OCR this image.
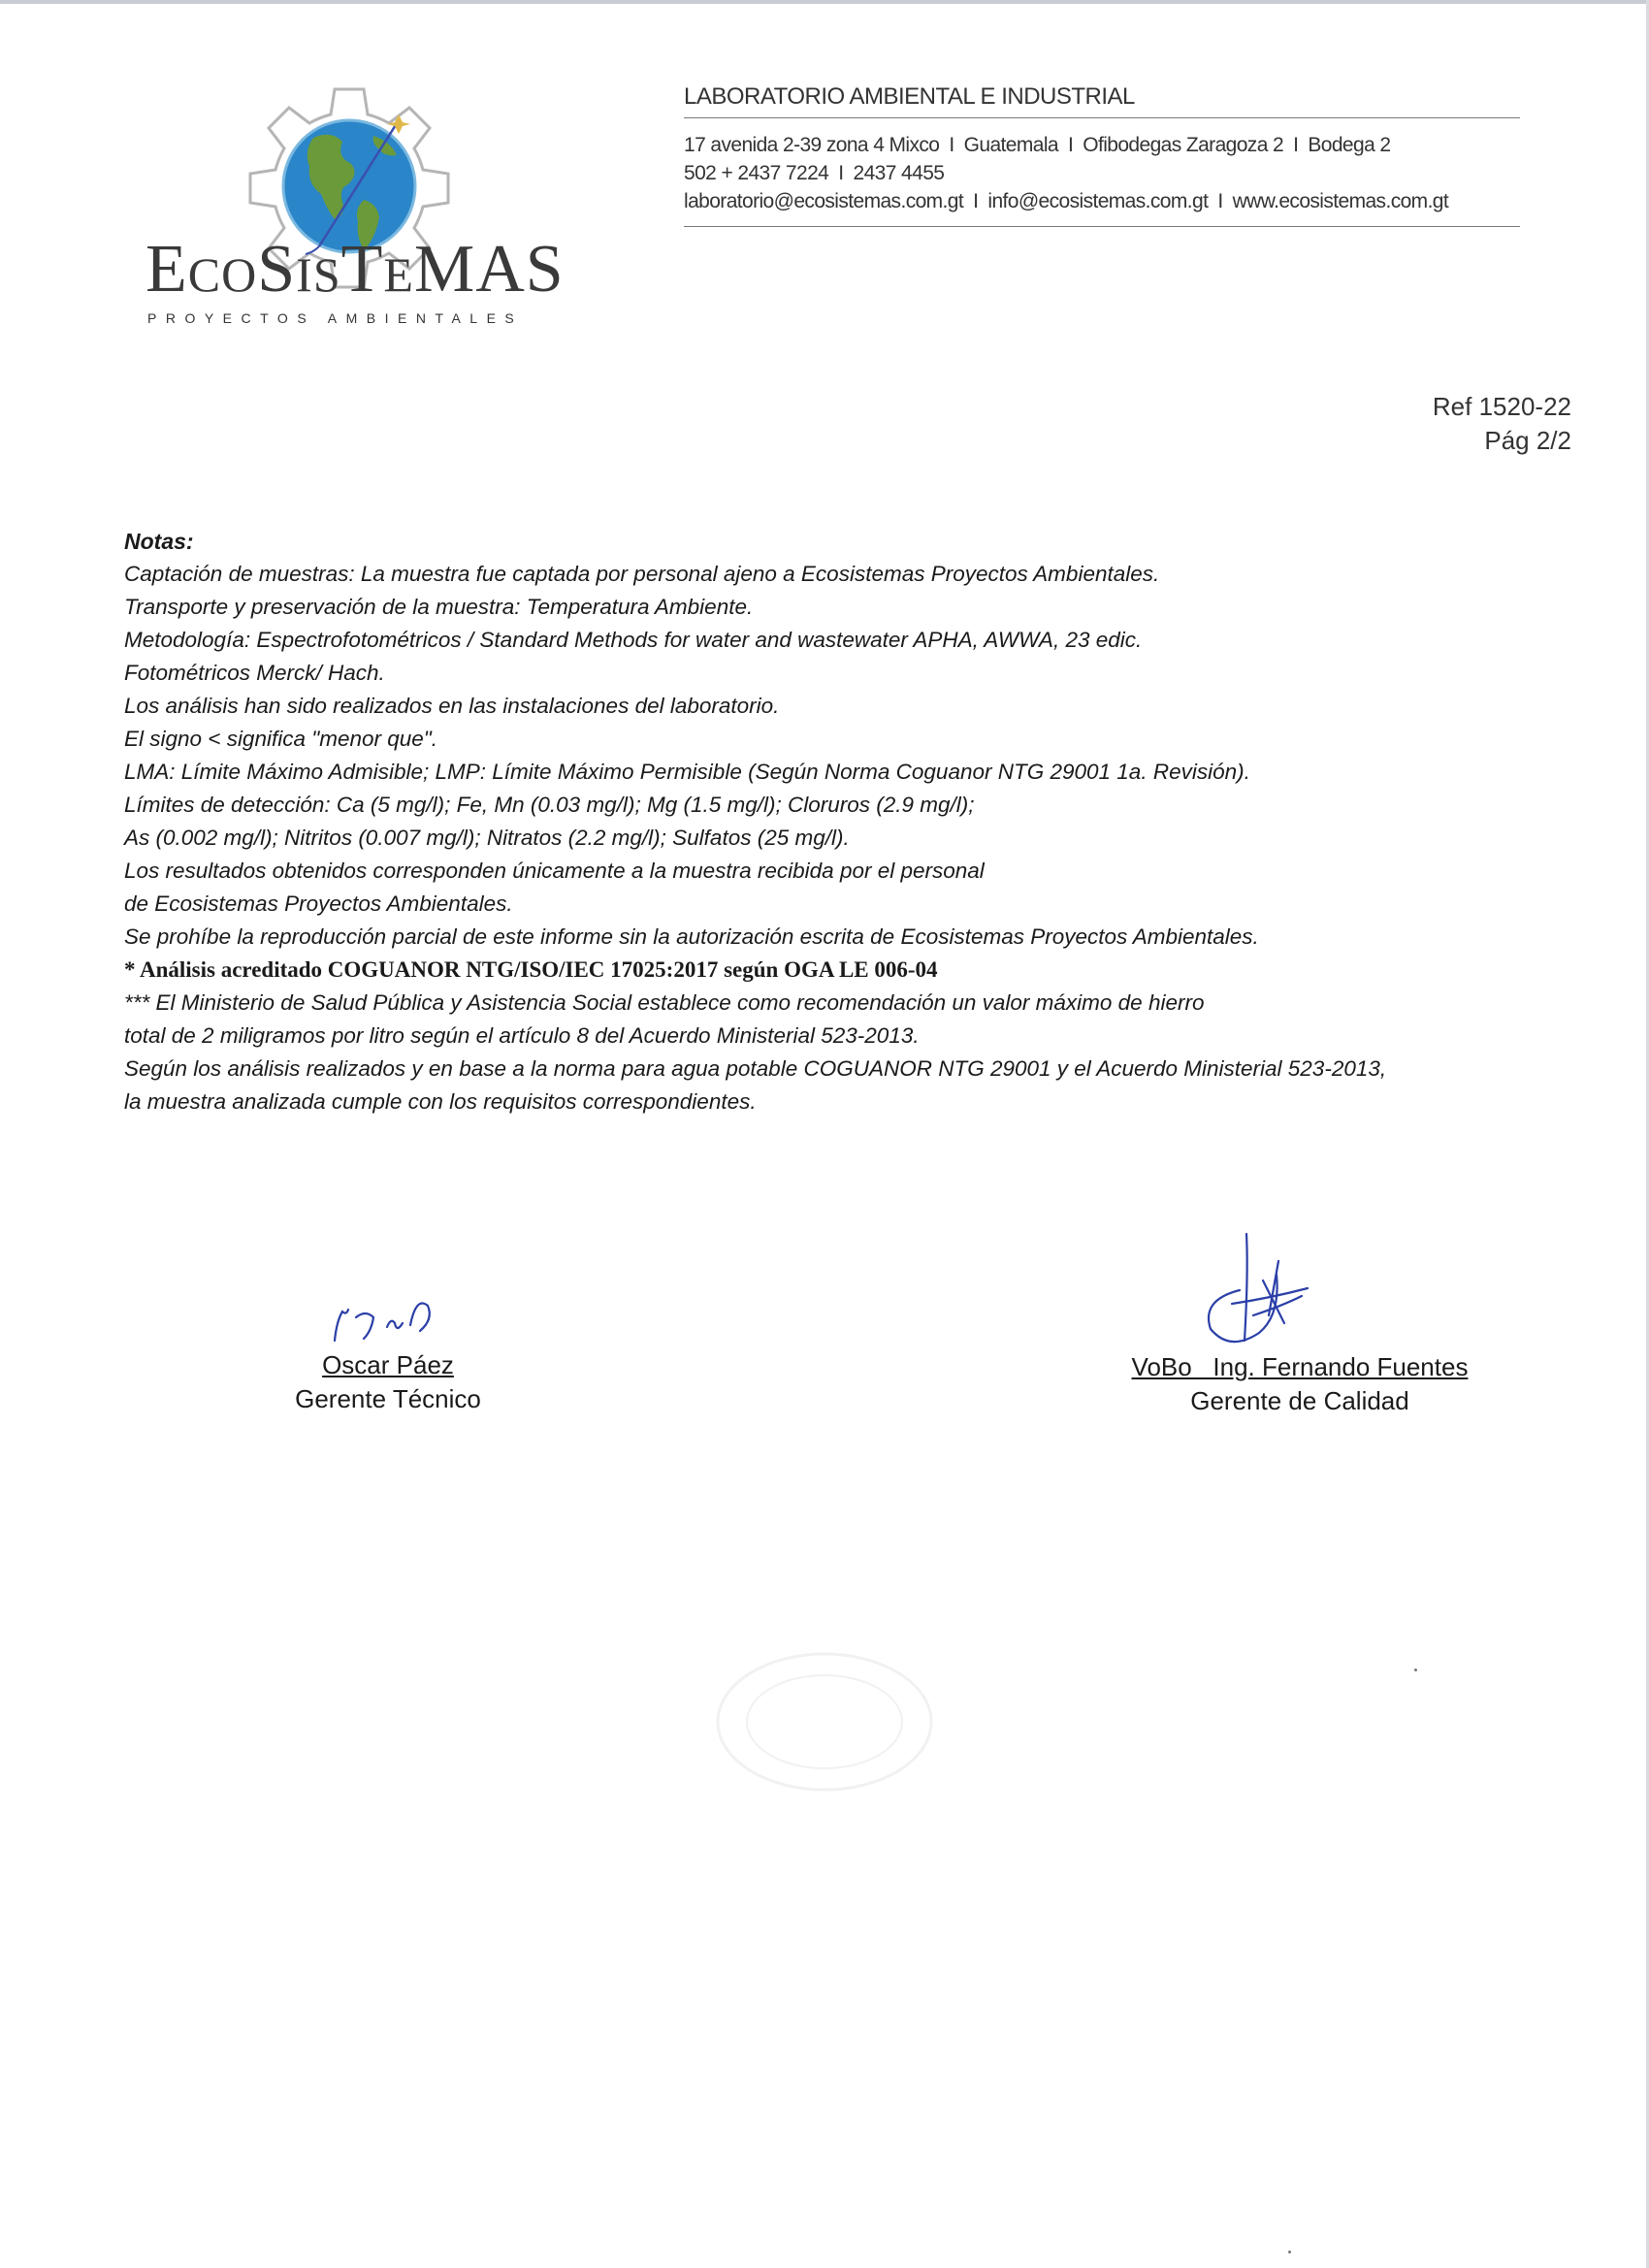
ECOSISTEMAS
PROYECTOS AMBIENTALES
LABORATORIO AMBIENTAL E INDUSTRIAL
17 avenida 2-39 zona 4 Mixco I Guatemala I Ofibodegas Zaragoza 2 I Bodega 2
502 + 2437 7224 I 2437 4455
laboratorio@ecosistemas.com.gt I info@ecosistemas.com.gt I www.ecosistemas.com.gt
Ref 1520-22
Pág 2/2
Notas:
Captación de muestras: La muestra fue captada por personal ajeno a Ecosistemas Proyectos Ambientales.
Transporte y preservación de la muestra: Temperatura Ambiente.
Metodología: Espectrofotométricos / Standard Methods for water and wastewater APHA, AWWA, 23 edic.
Fotométricos Merck/ Hach.
Los análisis han sido realizados en las instalaciones del laboratorio.
El signo < significa "menor que".
LMA: Límite Máximo Admisible; LMP: Límite Máximo Permisible (Según Norma Coguanor NTG 29001 1a. Revisión).
Límites de detección: Ca (5 mg/l); Fe, Mn (0.03 mg/l); Mg (1.5 mg/l); Cloruros (2.9 mg/l);
As (0.002 mg/l); Nitritos (0.007 mg/l); Nitratos (2.2 mg/l); Sulfatos (25 mg/l).
Los resultados obtenidos corresponden únicamente a la muestra recibida por el personal
de Ecosistemas Proyectos Ambientales.
Se prohíbe la reproducción parcial de este informe sin la autorización escrita de Ecosistemas Proyectos Ambientales.
* Análisis acreditado COGUANOR NTG/ISO/IEC 17025:2017 según OGA LE 006-04
*** El Ministerio de Salud Pública y Asistencia Social establece como recomendación un valor máximo de hierro
total de 2 miligramos por litro según el artículo 8 del Acuerdo Ministerial 523-2013.
Según los análisis realizados y en base a la norma para agua potable COGUANOR NTG 29001 y el Acuerdo Ministerial 523-2013,
la muestra analizada cumple con los requisitos correspondientes.
Oscar Páez
Gerente Técnico
VoBo   Ing. Fernando Fuentes
Gerente de Calidad
